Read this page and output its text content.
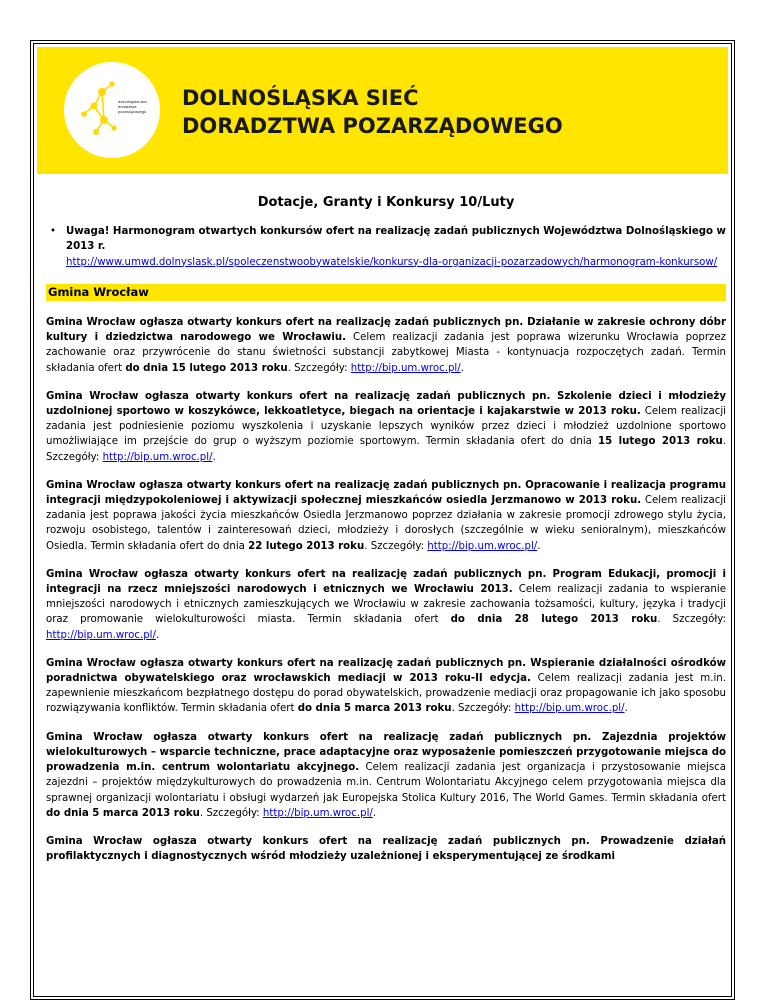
dolnośląska sieć doradztwa pozarządowego
DOLNOŚLĄSKA SIEĆ
DORADZTWA POZARZĄDOWEGO
Dotacje, Granty i Konkursy 10/Luty
• Uwaga! Harmonogram otwartych konkursów ofert na realizację zadań publicznych Województwa Dolnośląskiego w 2013 r.
http://www.umwd.dolnyslask.pl/spoleczenstwoobywatelskie/konkursy-dla-organizacji-pozarzadowych/harmonogram-konkursow/
Gmina Wrocław

Gmina Wrocław ogłasza otwarty konkurs ofert na realizację zadań publicznych pn. Działanie w zakresie ochrony dóbr kultury i dziedzictwa narodowego we Wrocławiu. Celem realizacji zadania jest poprawa wizerunku Wrocławia poprzez zachowanie oraz przywrócenie do stanu świetności substancji zabytkowej Miasta - kontynuacja rozpoczętych zadań. Termin składania ofert do dnia 15 lutego 2013 roku. Szczegóły: http://bip.um.wroc.pl/.

Gmina Wrocław ogłasza otwarty konkurs ofert na realizację zadań publicznych pn. Szkolenie dzieci i młodzieży uzdolnionej sportowo w koszykówce, lekkoatletyce, biegach na orientacje i kajakarstwie w 2013 roku. Celem realizacji zadania jest podniesienie poziomu wyszkolenia i uzyskanie lepszych wyników przez dzieci i młodzież uzdolnione sportowo umożliwiające im przejście do grup o wyższym poziomie sportowym. Termin składania ofert do dnia 15 lutego 2013 roku. Szczegóły: http://bip.um.wroc.pl/.

Gmina Wrocław ogłasza otwarty konkurs ofert na realizację zadań publicznych pn. Opracowanie i realizacja programu integracji międzypokoleniowej i aktywizacji społecznej mieszkańców osiedla Jerzmanowo w 2013 roku. Celem realizacji zadania jest poprawa jakości życia mieszkańców Osiedla Jerzmanowo poprzez działania w zakresie promocji zdrowego stylu życia, rozwoju osobistego, talentów i zainteresowań dzieci, młodzieży i dorosłych (szczególnie w wieku senioralnym), mieszkańców Osiedla. Termin składania ofert do dnia 22 lutego 2013 roku. Szczegóły: http://bip.um.wroc.pl/.

Gmina Wrocław ogłasza otwarty konkurs ofert na realizację zadań publicznych pn. Program Edukacji, promocji i integracji na rzecz mniejszości narodowych i etnicznych we Wrocławiu 2013. Celem realizacji zadania to wspieranie mniejszości narodowych i etnicznych zamieszkujących we Wrocławiu w zakresie zachowania tożsamości, kultury, języka i tradycji oraz promowanie wielokulturowości miasta. Termin składania ofert do dnia 28 lutego 2013 roku. Szczegóły: http://bip.um.wroc.pl/.

Gmina Wrocław ogłasza otwarty konkurs ofert na realizację zadań publicznych pn. Wspieranie działalności ośrodków poradnictwa obywatelskiego oraz wrocławskich mediacji w 2013 roku-II edycja. Celem realizacji zadania jest m.in. zapewnienie mieszkańcom bezpłatnego dostępu do porad obywatelskich, prowadzenie mediacji oraz propagowanie ich jako sposobu rozwiązywania konfliktów. Termin składania ofert do dnia 5 marca 2013 roku. Szczegóły: http://bip.um.wroc.pl/.

Gmina Wrocław ogłasza otwarty konkurs ofert na realizację zadań publicznych pn. Zajezdnia projektów wielokulturowych – wsparcie techniczne, prace adaptacyjne oraz wyposażenie pomieszczeń przygotowanie miejsca do prowadzenia m.in. centrum wolontariatu akcyjnego. Celem realizacji zadania jest organizacja i przystosowanie miejsca zajezdni – projektów międzykulturowych do prowadzenia m.in. Centrum Wolontariatu Akcyjnego celem przygotowania miejsca dla sprawnej organizacji wolontariatu i obsługi wydarzeń jak Europejska Stolica Kultury 2016, The World Games. Termin składania ofert do dnia 5 marca 2013 roku. Szczegóły: http://bip.um.wroc.pl/.

Gmina Wrocław ogłasza otwarty konkurs ofert na realizację zadań publicznych pn. Prowadzenie działań profilaktycznych i diagnostycznych wśród młodzieży uzależnionej i eksperymentującej ze środkami
